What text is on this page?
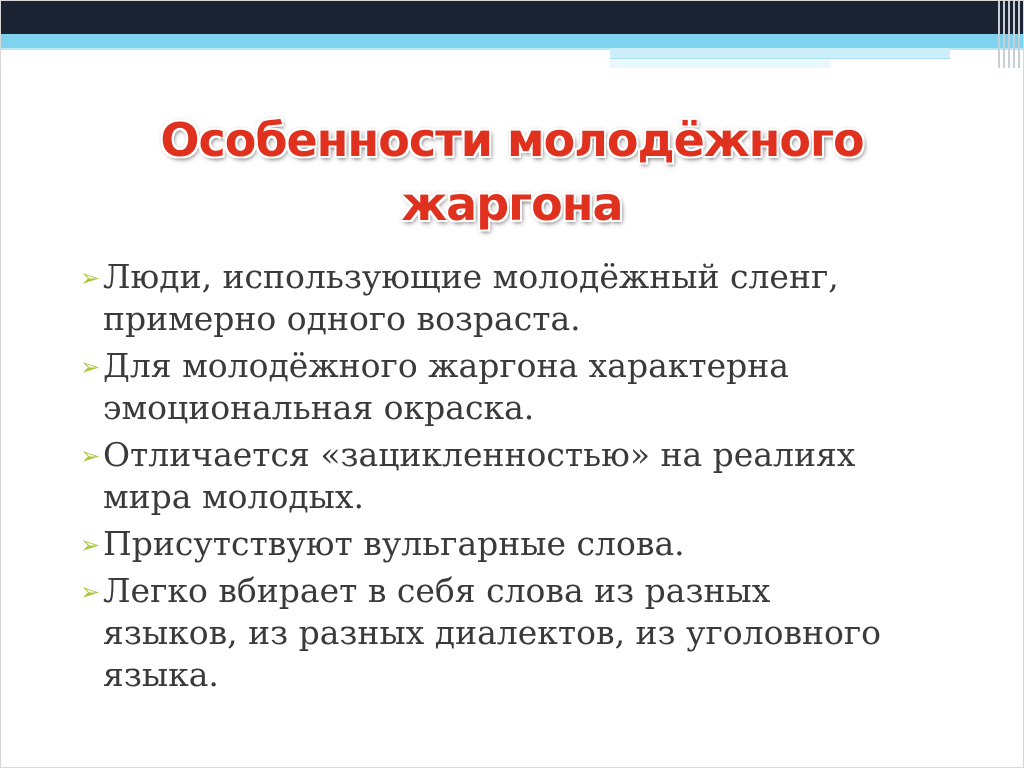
Особенности молодёжного
жаргона
➢ Люди, использующие молодёжный сленг,
примерно одного возраста.
➢ Для молодёжного жаргона характерна
эмоциональная окраска.
➢ Отличается «зацикленностью» на реалиях
мира молодых.
➢ Присутствуют вульгарные слова.
➢ Легко вбирает в себя слова из разных
языков, из разных диалектов, из уголовного
языка.
